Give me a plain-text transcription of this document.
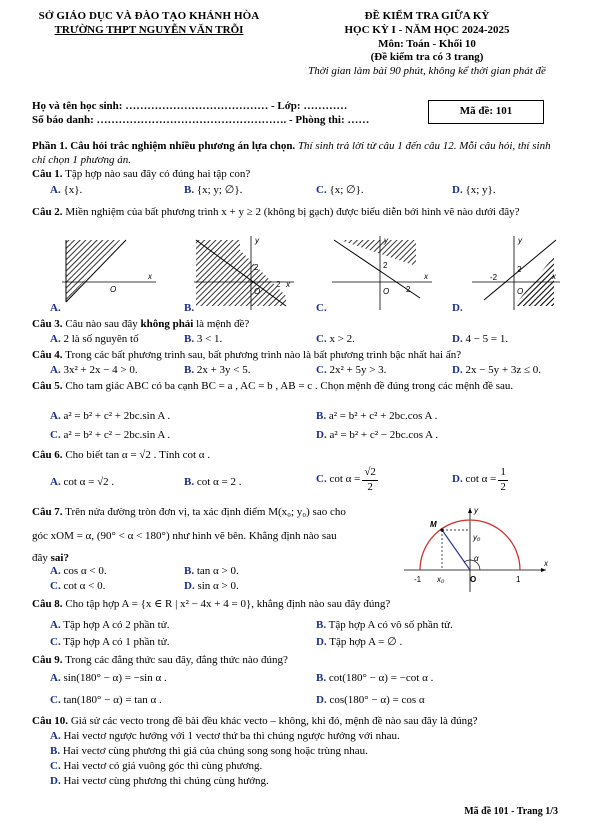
SỞ GIÁO DỤC VÀ ĐÀO TẠO KHÁNH HÒA
TRƯỜNG THPT NGUYỄN VĂN TRỖI
ĐỀ KIỂM TRA GIỮA KỲ
HỌC KỲ I - NĂM HỌC 2024-2025
Môn: Toán - Khối 10
(Đề kiểm tra có 3 trang)
Thời gian làm bài 90 phút, không kể thời gian phát đề
Họ và tên học sinh: ………………………………… - Lớp: …………
Số báo danh: ……………………………………………. - Phòng thi: ……
Mã đề: 101
Phần 1. Câu hỏi trắc nghiệm nhiều phương án lựa chọn. Thí sinh trả lời từ câu 1 đến câu 12. Mỗi câu hỏi, thí sinh chỉ chọn 1 phương án.
Câu 1. Tập hợp nào sau đây có đúng hai tập con?
A. {x}.	B. {x; y; ∅}.	C. {x; ∅}.	D. {x; y}.
Câu 2. Miền nghiệm của bất phương trình x + y ≥ 2 (không bị gạch) được biểu diễn bởi hình vẽ nào dưới đây?
x
O
y
2
2 x
O
y
2
2
x
O
y
2
-2	x
O
A.	B.	C.	D.
Câu 3. Câu nào sau đây không phải là mệnh đề?
A. 2 là số nguyên tố	B. 3 < 1.	C. x > 2.	D. 4 − 5 = 1.
Câu 4. Trong các bất phương trình sau, bất phương trình nào là bất phương trình bậc nhất hai ẩn?
A. 3x² + 2x − 4 > 0.	B. 2x + 3y < 5.	C. 2x² + 5y > 3.	D. 2x − 5y + 3z ≤ 0.
Câu 5. Cho tam giác ABC có ba cạnh BC = a , AC = b , AB = c . Chọn mệnh đề đúng trong các mệnh đề sau.
A. a² = b² + c² + 2bc.sin A .	B. a² = b² + c² + 2bc.cos A .
C. a² = b² + c² − 2bc.sin A .	D. a² = b² + c² − 2bc.cos A .
Câu 6. Cho biết tan α = √2 . Tính cot α .
A. cot α = √2 .	B. cot α = 2 .	C.
$\cot \alpha = \frac{√2}{2}$	D.
$\cot \alpha = \frac{1}{2}$
Câu 7. Trên nửa đường tròn đơn vị, ta xác định điểm M(x₀; y₀) sao cho
góc xOM = α, (90° < α < 180°) như hình vẽ bên. Khẳng định nào sau
đây sai?
A. cos α < 0.	B. tan α > 0.
C. cot α < 0.	D. sin α > 0.
y
x
M
y₀
α
-1 x₀	O	1
Câu 8. Cho tập hợp A = {x ∈ R | x² − 4x + 4 = 0}, khẳng định nào sau đây đúng?
A. Tập hợp A có 2 phần tử.	B. Tập hợp A có vô số phần tử.
C. Tập hợp A có 1 phần tử.	D. Tập hợp A = ∅ .
Câu 9. Trong các đẳng thức sau đây, đẳng thức nào đúng?
A. sin(180° − α) = −sin α .	B. cot(180° − α) = −cot α .
C. tan(180° − α) = tan α .	D. cos(180° − α) = cos α
Câu 10. Giả sử các vecto trong đề bài đều khác vecto – không, khi đó, mệnh đề nào sau đây là đúng?
A. Hai vectơ ngược hướng với 1 vectơ thứ ba thì chúng ngược hướng với nhau.
B. Hai vectơ cùng phương thì giá của chúng song song hoặc trùng nhau.
C. Hai vectơ có giá vuông góc thì cùng phương.
D. Hai vectơ cùng phương thì chúng cùng hướng.
Mã đề 101 - Trang 1/3
